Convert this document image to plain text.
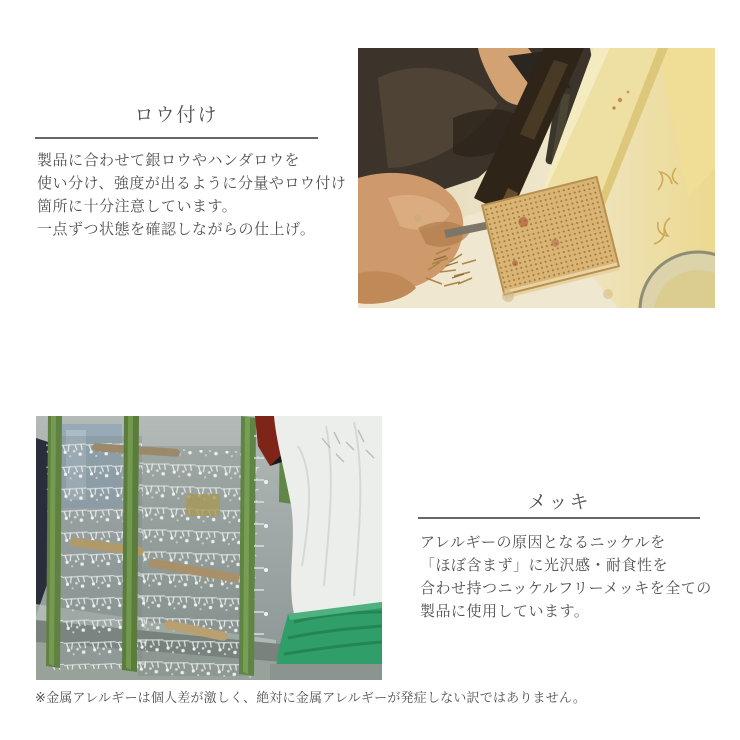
ロウ付け
製品に合わせて銀ロウやハンダロウを
使い分け、強度が出るように分量やロウ付け
箇所に十分注意しています。
一点ずつ状態を確認しながらの仕上げ。
メッキ
アレルギーの原因となるニッケルを
「ほぼ含まず」に光沢感・耐食性を
合わせ持つニッケルフリーメッキを全ての
製品に使用しています。
※金属アレルギーは個人差が激しく、絶対に金属アレルギーが発症しない訳ではありません。
